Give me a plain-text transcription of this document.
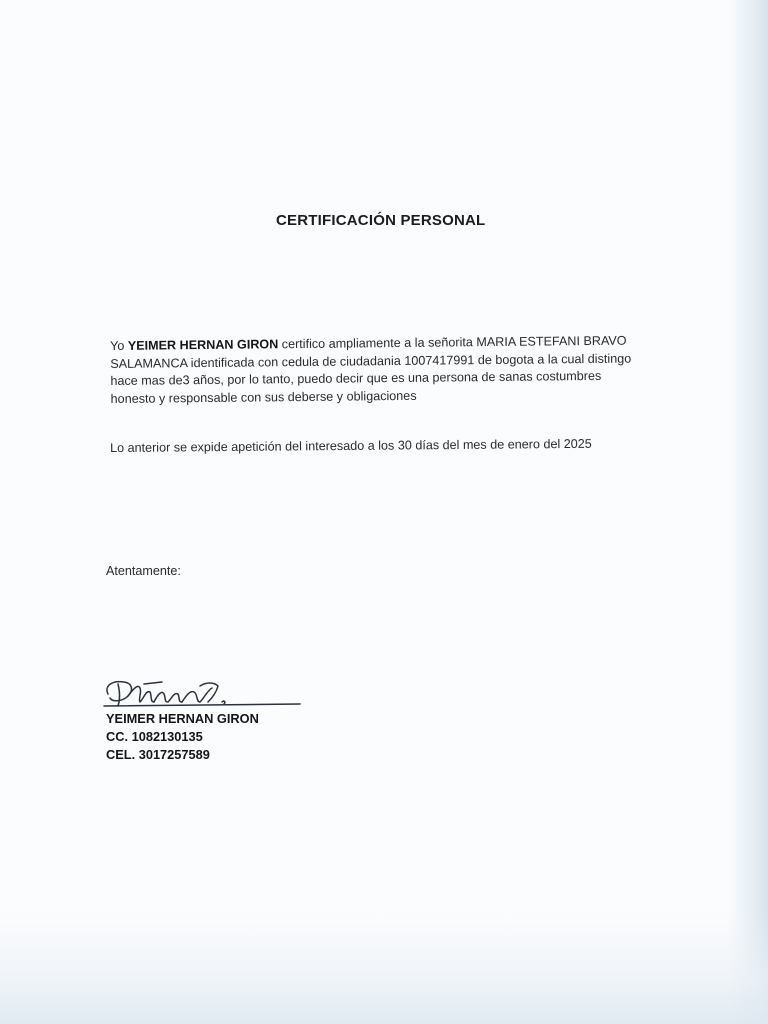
CERTIFICACIÓN PERSONAL
Yo YEIMER HERNAN GIRON certifico ampliamente a la señorita MARIA ESTEFANI BRAVO SALAMANCA identificada con cedula de ciudadania 1007417991 de bogota a la cual distingo hace mas de3 años, por lo tanto, puedo decir que es una persona de sanas costumbres honesto y responsable con sus deberse y obligaciones
Lo anterior se expide apetición del interesado a los 30 días del mes de enero del 2025
Atentamente:
YEIMER HERNAN GIRON
CC. 1082130135
CEL. 3017257589
